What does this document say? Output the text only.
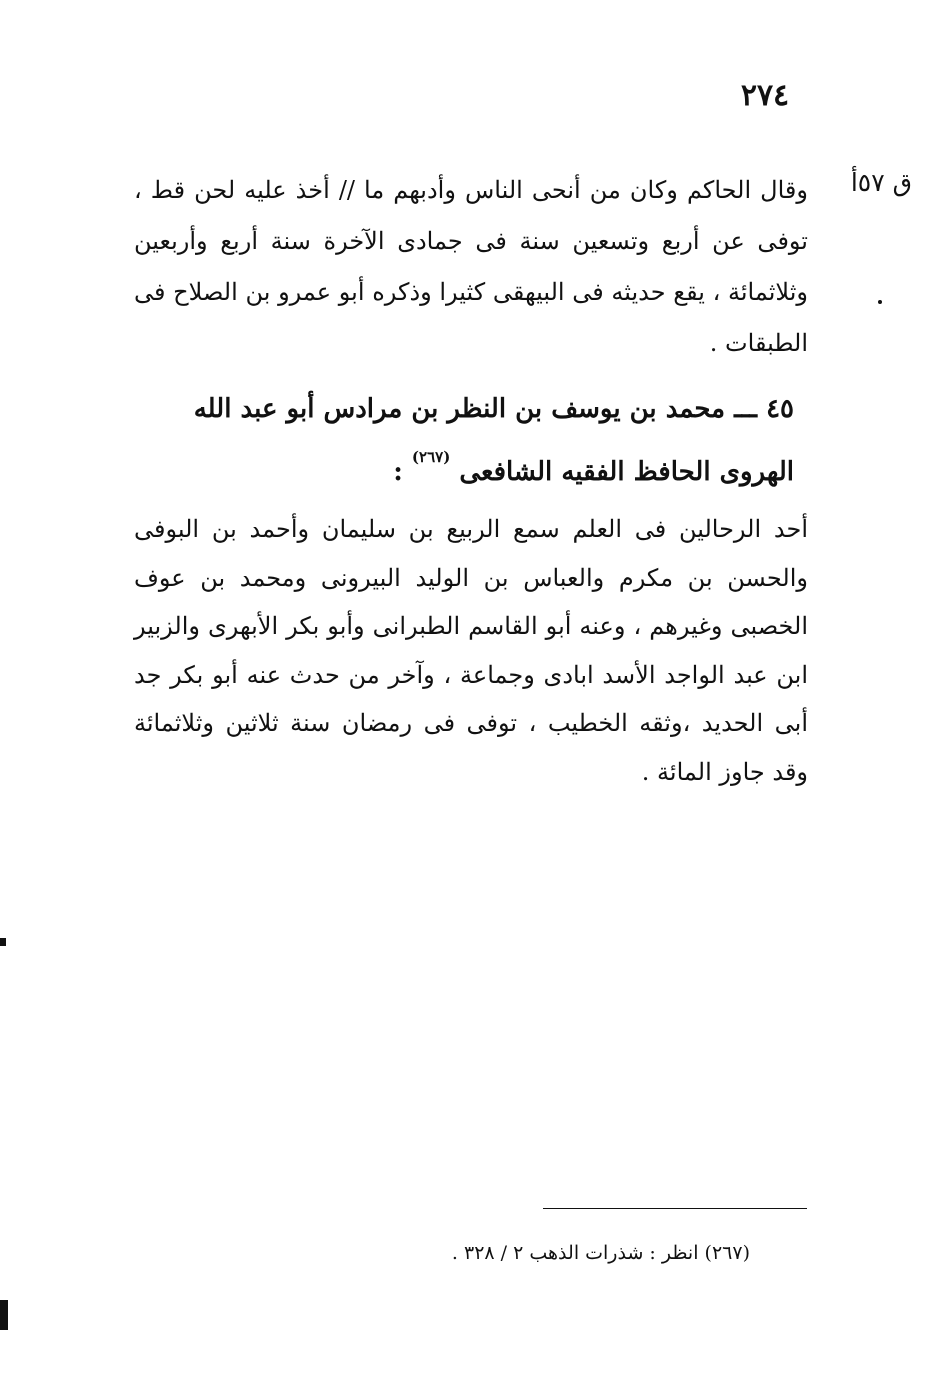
٢٧٤
ق ٥٧أ

وقال الحاكم وكان من أنحى الناس وأدبهم ما // أخذ عليه لحن قط ، توفى عن أربع وتسعين سنة فى جمادى الآخرة سنة أربع وأربعين وثلاثمائة ، يقع حديثه فى البيهقى كثيرا وذكره أبو عمرو بن الصلاح فى الطبقات .

٤٥ ـــ محمد بن يوسف بن النظر بن مرادس أبو عبد الله الهروى الحافظ الفقيه الشافعى $^{(٢٦٧)}$ :

أحد الرحالين فى العلم سمع الربيع بن سليمان وأحمد بن البوفى والحسن بن مكرم والعباس بن الوليد البيرونى ومحمد بن عوف الخصبى وغيرهم ، وعنه أبو القاسم الطبرانى وأبو بكر الأبهرى والزبير ابن عبد الواجد الأسد ابادى وجماعة ، وآخر من حدث عنه أبو بكر جد أبى الحديد ،وثقه الخطيب ، توفى فى رمضان سنة ثلاثين وثلاثمائة وقد جاوز المائة .

(٢٦٧) انظر : شذرات الذهب ٢ / ٣٢٨ .
